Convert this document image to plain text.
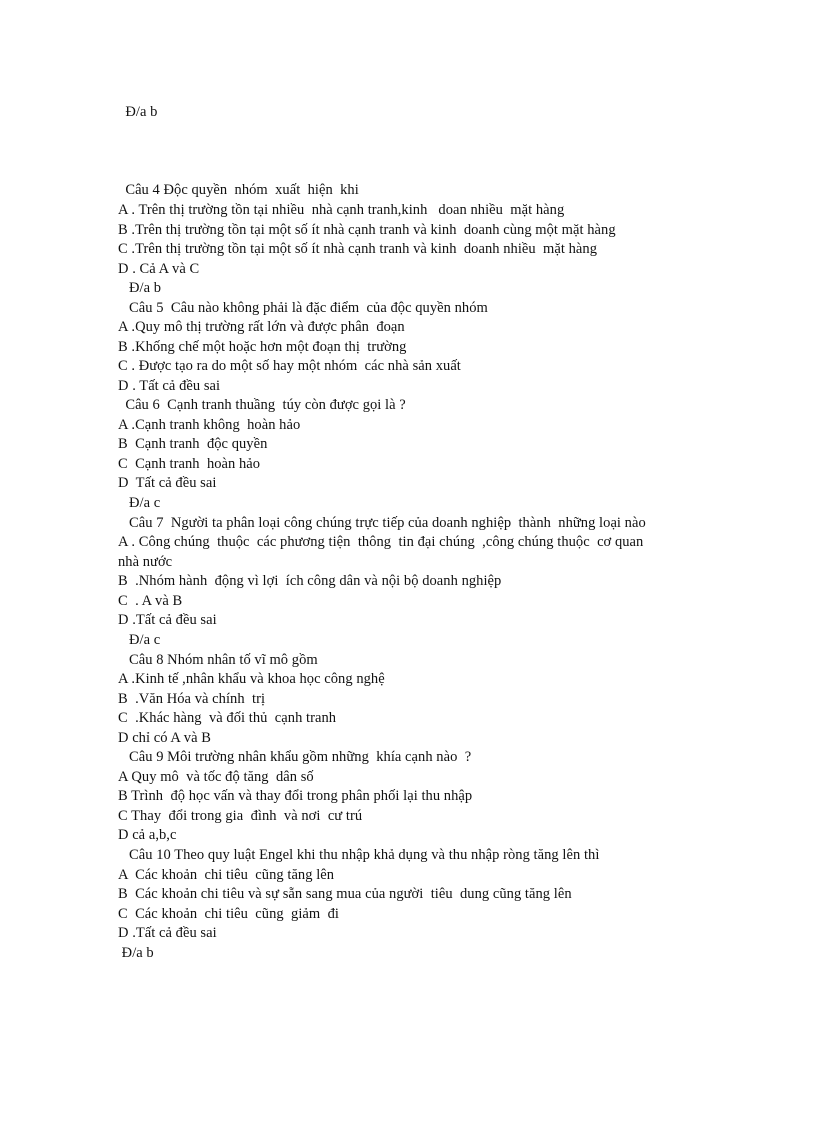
Đ/a b
Câu 4 Độc quyền  nhóm  xuất  hiện  khi
A . Trên thị trường tồn tại nhiều  nhà cạnh tranh,kinh   doan nhiều  mặt hàng
B .Trên thị trường tồn tại một số ít nhà cạnh tranh và kinh  doanh cùng một mặt hàng
C .Trên thị trường tồn tại một số ít nhà cạnh tranh và kinh  doanh nhiều  mặt hàng
D . Cả A và C
Đ/a b
Câu 5  Câu nào không phải là đặc điểm  của độc quyền nhóm
A .Quy mô thị trường rất lớn và được phân  đoạn
B .Khống chế một hoặc hơn một đoạn thị  trường
C . Được tạo ra do một số hay một nhóm  các nhà sản xuất
D . Tất cả đều sai
Câu 6  Cạnh tranh thuầng  túy còn được gọi là ?
A .Cạnh tranh không  hoàn hảo
B  Cạnh tranh  độc quyền
C  Cạnh tranh  hoàn hảo
D  Tất cả đều sai
Đ/a c
Câu 7  Người ta phân loại công chúng trực tiếp của doanh nghiệp  thành  những loại nào
A . Công chúng  thuộc  các phương tiện  thông  tin đại chúng  ,công chúng thuộc  cơ quan
nhà nước
B  .Nhóm hành  động vì lợi  ích công dân và nội bộ doanh nghiệp
C  . A và B
D .Tất cả đều sai
Đ/a c
Câu 8 Nhóm nhân tố vĩ mô gồm
A .Kinh tế ,nhân khẩu và khoa học công nghệ
B  .Văn Hóa và chính  trị
C  .Khác hàng  và đối thủ  cạnh tranh
D chỉ có A và B
Câu 9 Môi trường nhân khẩu gồm những  khía cạnh nào  ?
A Quy mô  và tốc độ tăng  dân số
B Trình  độ học vấn và thay đổi trong phân phối lại thu nhập
C Thay  đổi trong gia  đình  và nơi  cư trú
D cả a,b,c
Câu 10 Theo quy luật Engel khi thu nhập khả dụng và thu nhập ròng tăng lên thì
A  Các khoản  chi tiêu  cũng tăng lên
B  Các khoản chi tiêu và sự sẵn sang mua của người  tiêu  dung cũng tăng lên
C  Các khoản  chi tiêu  cũng  giảm  đi
D .Tất cả đều sai
Đ/a b
